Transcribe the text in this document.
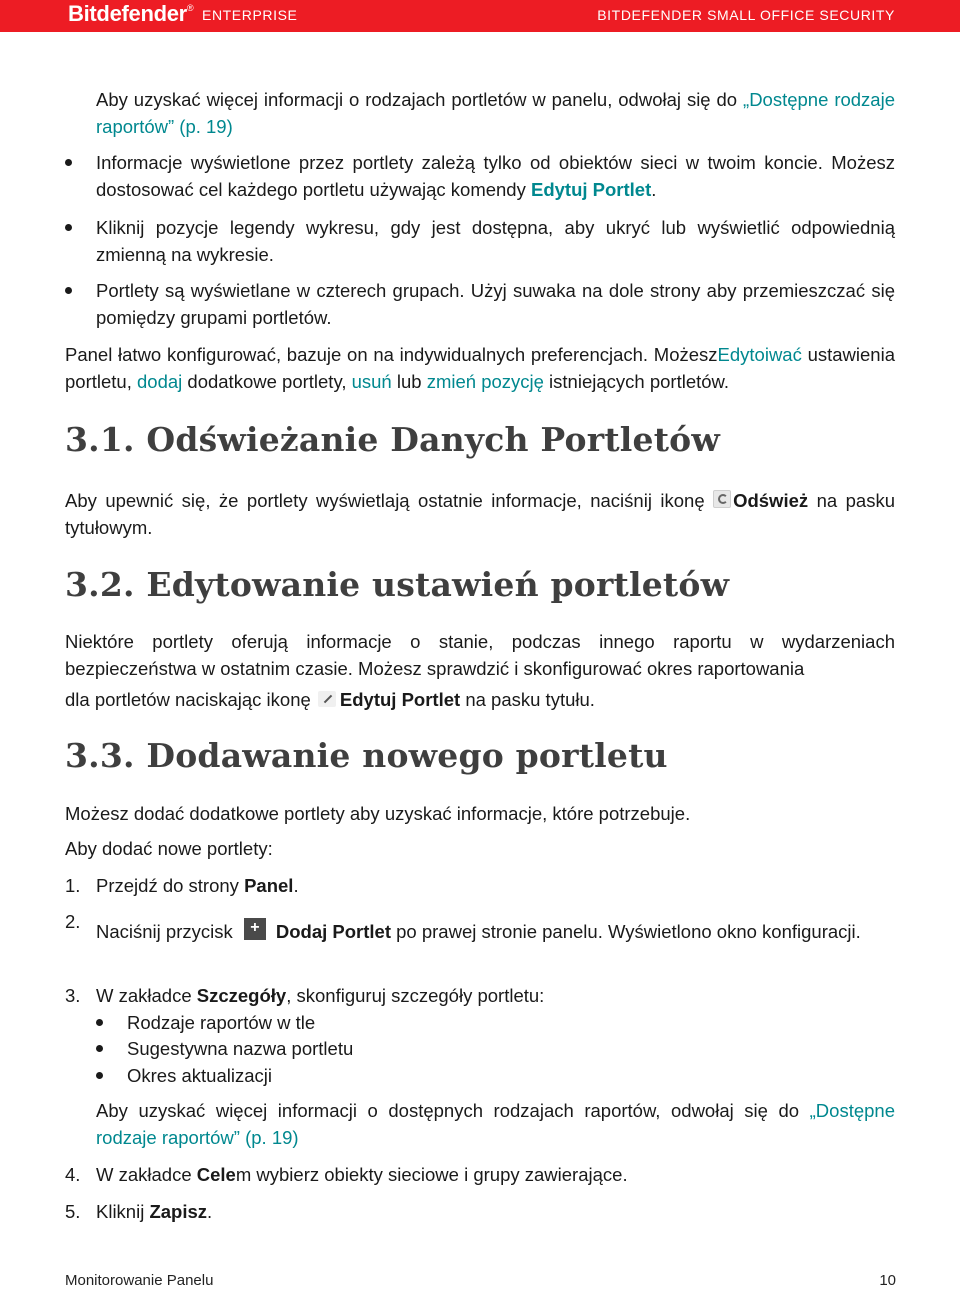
Bitdefender® ENTERPRISE	BITDEFENDER SMALL OFFICE SECURITY

Aby uzyskać więcej informacji o rodzajach portletów w panelu, odwołaj się do „Dostępne rodzaje raportów” (p. 19)

Informacje wyświetlone przez portlety zależą tylko od obiektów sieci w twoim koncie. Możesz dostosować cel każdego portletu używając komendy Edytuj Portlet.

Kliknij pozycje legendy wykresu, gdy jest dostępna, aby ukryć lub wyświetlić odpowiednią zmienną na wykresie.

Portlety są wyświetlane w czterech grupach. Użyj suwaka na dole strony aby przemieszczać się pomiędzy grupami portletów.

Panel łatwo konfigurować, bazuje on na indywidualnych preferencjach. MożeszEdytoiwać ustawienia portletu, dodaj dodatkowe portlety, usuń lub zmień pozycję istniejących portletów.

3.1. Odświeżanie Danych Portletów

Aby upewnić się, że portlety wyświetlają ostatnie informacje, naciśnij ikonę Odśwież na pasku tytułowym.

3.2. Edytowanie ustawień portletów

Niektóre portlety oferują informacje o stanie, podczas innego raportu w wydarzeniach bezpieczeństwa w ostatnim czasie. Możesz sprawdzić i skonfigurować okres raportowania

dla portletów naciskając ikonę Edytuj Portlet na pasku tytułu.

3.3. Dodawanie nowego portletu

Możesz dodać dodatkowe portlety aby uzyskać informacje, które potrzebuje.

Aby dodać nowe portlety:

1. Przejdź do strony Panel.

2. Naciśnij przycisk + Dodaj Portlet po prawej stronie panelu. Wyświetlono okno konfiguracji.

3. W zakładce Szczegóły, skonfiguruj szczegóły portletu:

Rodzaje raportów w tle

Sugestywna nazwa portletu

Okres aktualizacji

Aby uzyskać więcej informacji o dostępnych rodzajach raportów, odwołaj się do „Dostępne rodzaje raportów” (p. 19)

4. W zakładce Celem wybierz obiekty sieciowe i grupy zawierające.

5. Kliknij Zapisz.

Monitorowanie Panelu	10
